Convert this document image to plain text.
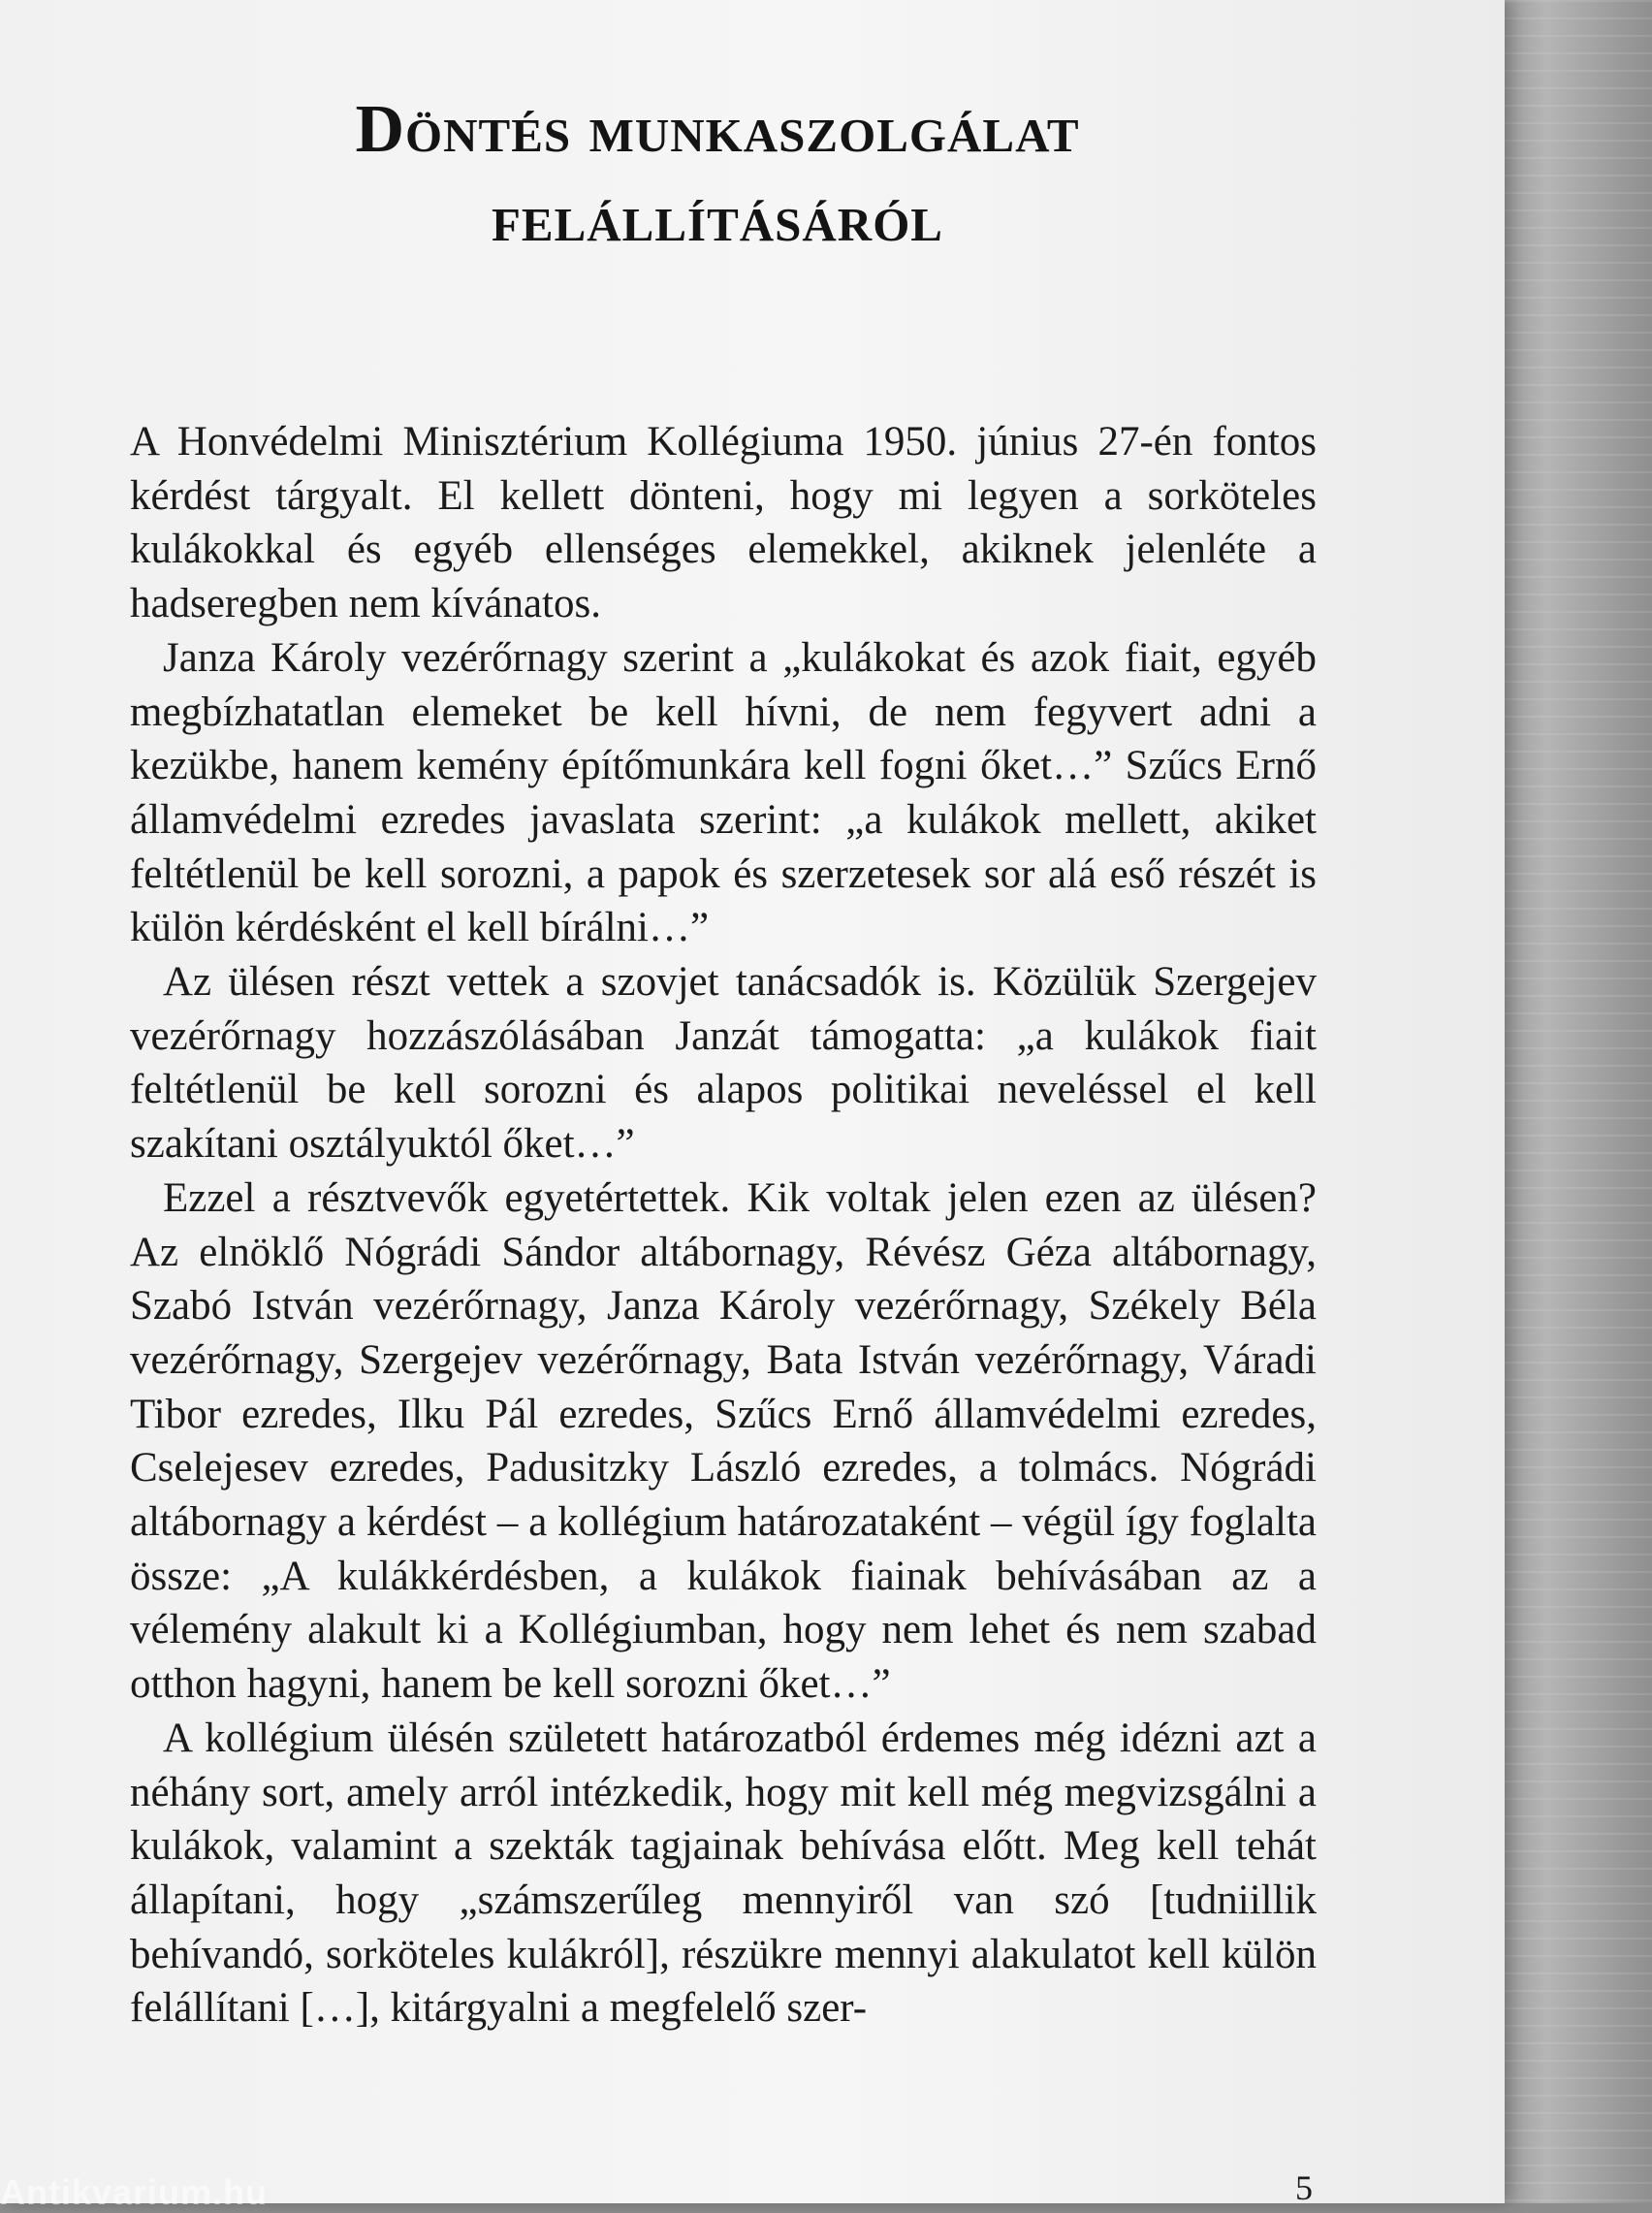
Döntés munkaszolgálat
felállításáról

A Honvédelmi Minisztérium Kollégiuma 1950. június 27-én fontos kérdést tárgyalt. El kellett dönteni, hogy mi legyen a sorköteles kulákokkal és egyéb ellenséges elemekkel, akiknek jelenléte a hadseregben nem kívánatos.

Janza Károly vezérőrnagy szerint a „kulákokat és azok fiait, egyéb megbízhatatlan elemeket be kell hívni, de nem fegyvert adni a kezükbe, hanem kemény építőmunkára kell fogni őket…” Szűcs Ernő államvédelmi ezredes javaslata szerint: „a kulákok mellett, akiket feltétlenül be kell sorozni, a papok és szerzetesek sor alá eső részét is külön kérdésként el kell bírálni…”

Az ülésen részt vettek a szovjet tanácsadók is. Közülük Szergejev vezérőrnagy hozzászólásában Janzát támogatta: „a kulákok fiait feltétlenül be kell sorozni és alapos politikai neveléssel el kell szakítani osztályuktól őket…”

Ezzel a résztvevők egyetértettek. Kik voltak jelen ezen az ülésen? Az elnöklő Nógrádi Sándor altábornagy, Révész Géza altábornagy, Szabó István vezérőrnagy, Janza Károly vezérőrnagy, Székely Béla vezérőrnagy, Szergejev vezérőrnagy, Bata István vezérőrnagy, Váradi Tibor ezredes, Ilku Pál ezredes, Szűcs Ernő államvédelmi ezredes, Cselejesev ezredes, Padusitzky László ezredes, a tolmács. Nógrádi altábornagy a kérdést – a kollégium határozataként – végül így foglalta össze: „A kulákkérdésben, a kulákok fiainak behívásában az a vélemény alakult ki a Kollégiumban, hogy nem lehet és nem szabad otthon hagyni, hanem be kell sorozni őket…”

A kollégium ülésén született határozatból érdemes még idézni azt a néhány sort, amely arról intézkedik, hogy mit kell még megvizsgálni a kulákok, valamint a szekták tagjainak behívása előtt. Meg kell tehát állapítani, hogy „számszerűleg mennyiről van szó [tudniillik behívandó, sorköteles kulákról], részükre mennyi alakulatot kell külön felállítani […], kitárgyalni a megfelelő szer-

5
Antikvarium.hu
